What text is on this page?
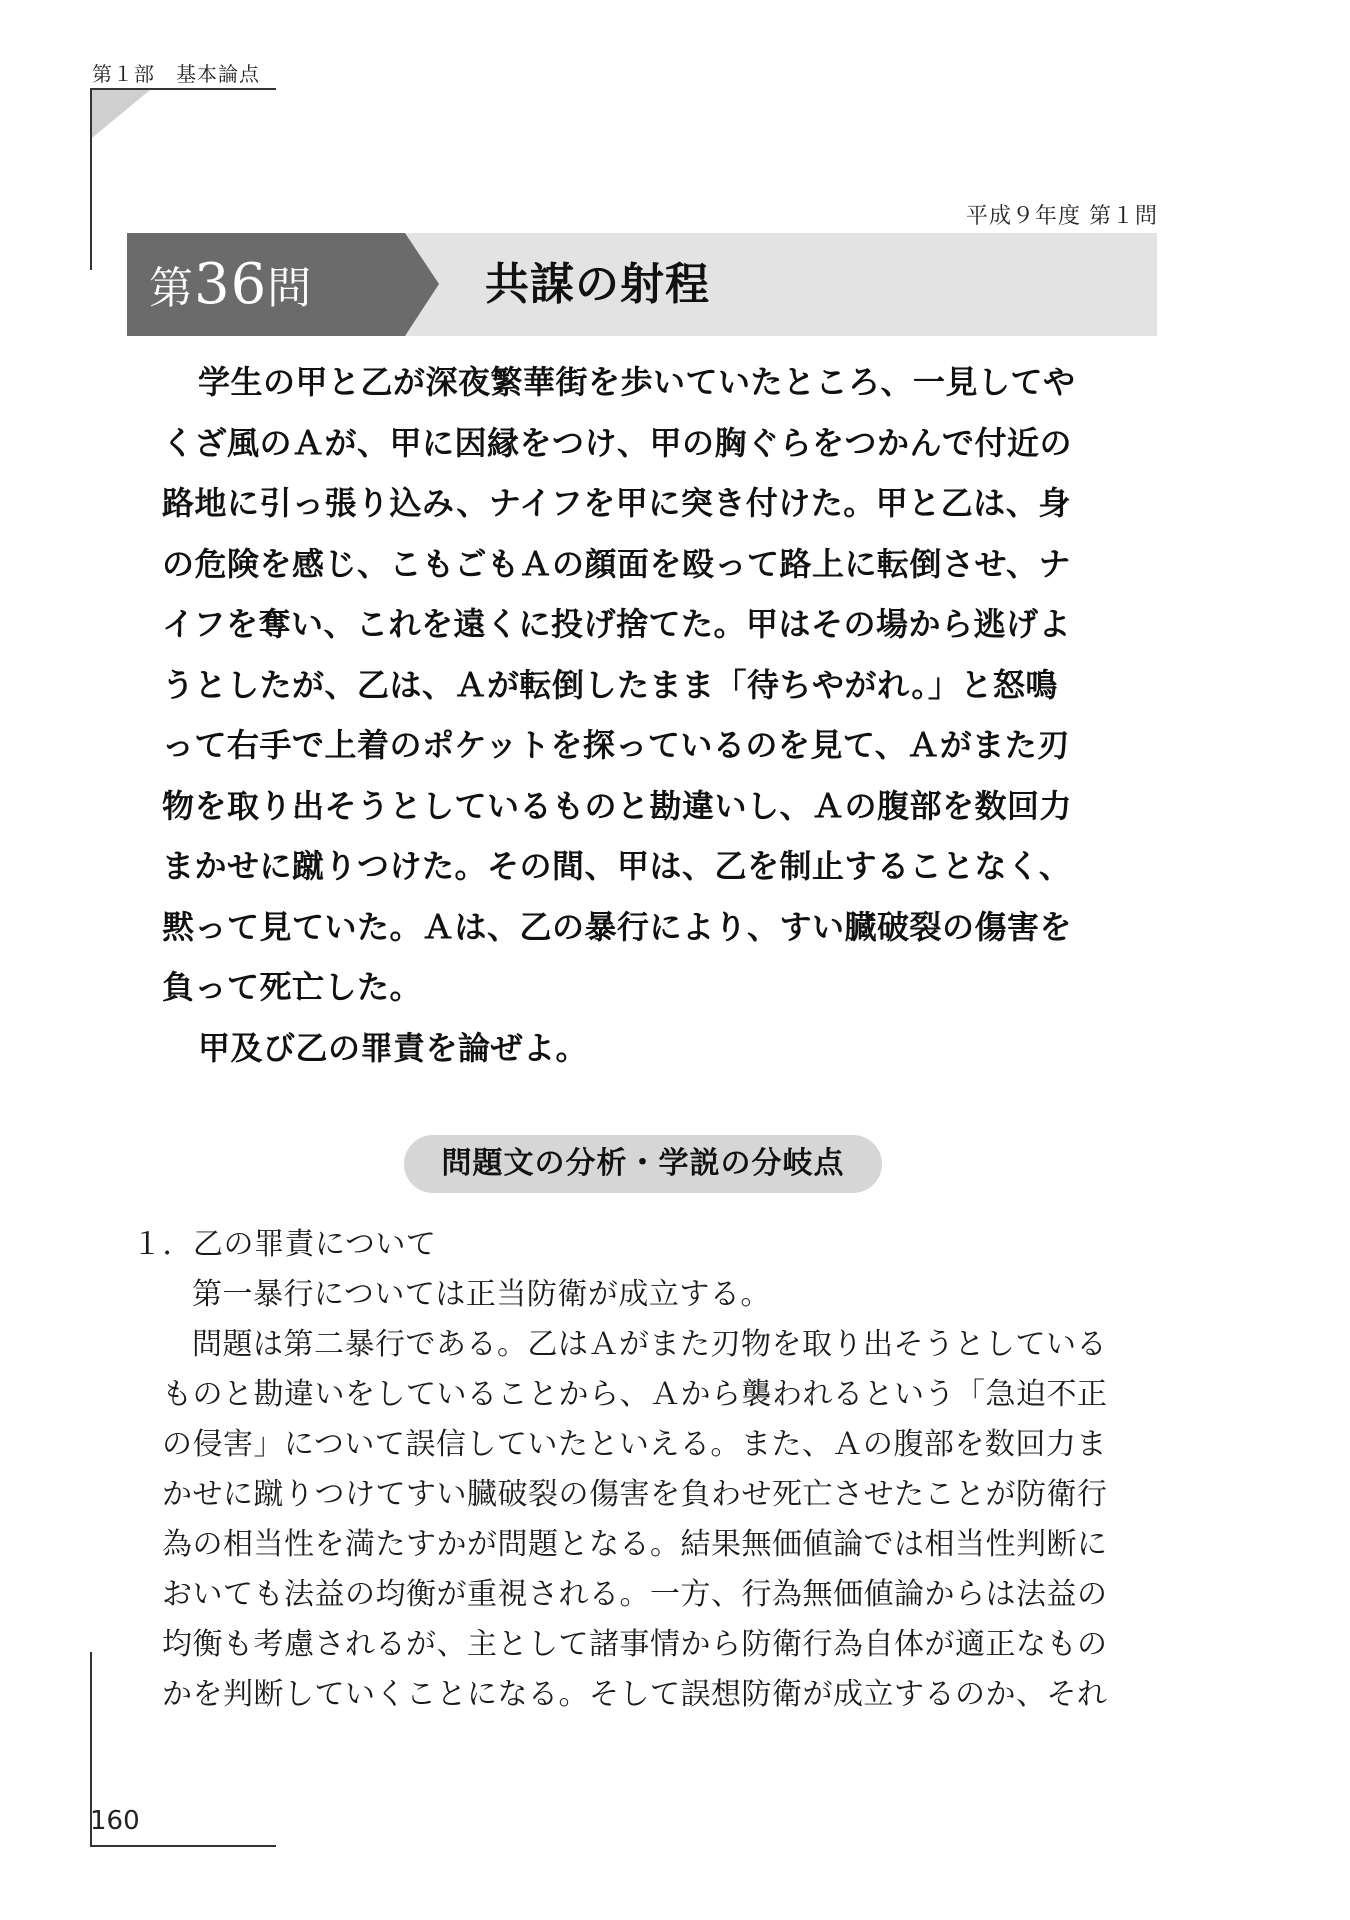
第１部　基本論点
平成９年度 第１問
第36問	共謀の射程
学生の甲と乙が深夜繁華街を歩いていたところ、一見してや
くざ風のＡが、甲に因縁をつけ、甲の胸ぐらをつかんで付近の
路地に引っ張り込み、ナイフを甲に突き付けた。甲と乙は、身
の危険を感じ、こもごもＡの顔面を殴って路上に転倒させ、ナ
イフを奪い、これを遠くに投げ捨てた。甲はその場から逃げよ
うとしたが、乙は、Ａが転倒したまま「待ちやがれ。」と怒鳴
って右手で上着のポケットを探っているのを見て、Ａがまた刃
物を取り出そうとしているものと勘違いし、Ａの腹部を数回力
まかせに蹴りつけた。その間、甲は、乙を制止することなく、
黙って見ていた。Ａは、乙の暴行により、すい臓破裂の傷害を
負って死亡した。
甲及び乙の罪責を論ぜよ。
問題文の分析・学説の分岐点
１．乙の罪責について
第一暴行については正当防衛が成立する。
問題は第二暴行である。乙はＡがまた刃物を取り出そうとしている
ものと勘違いをしていることから、Ａから襲われるという「急迫不正
の侵害」について誤信していたといえる。また、Ａの腹部を数回力ま
かせに蹴りつけてすい臓破裂の傷害を負わせ死亡させたことが防衛行
為の相当性を満たすかが問題となる。結果無価値論では相当性判断に
おいても法益の均衡が重視される。一方、行為無価値論からは法益の
均衡も考慮されるが、主として諸事情から防衛行為自体が適正なもの
かを判断していくことになる。そして誤想防衛が成立するのか、それ
160
